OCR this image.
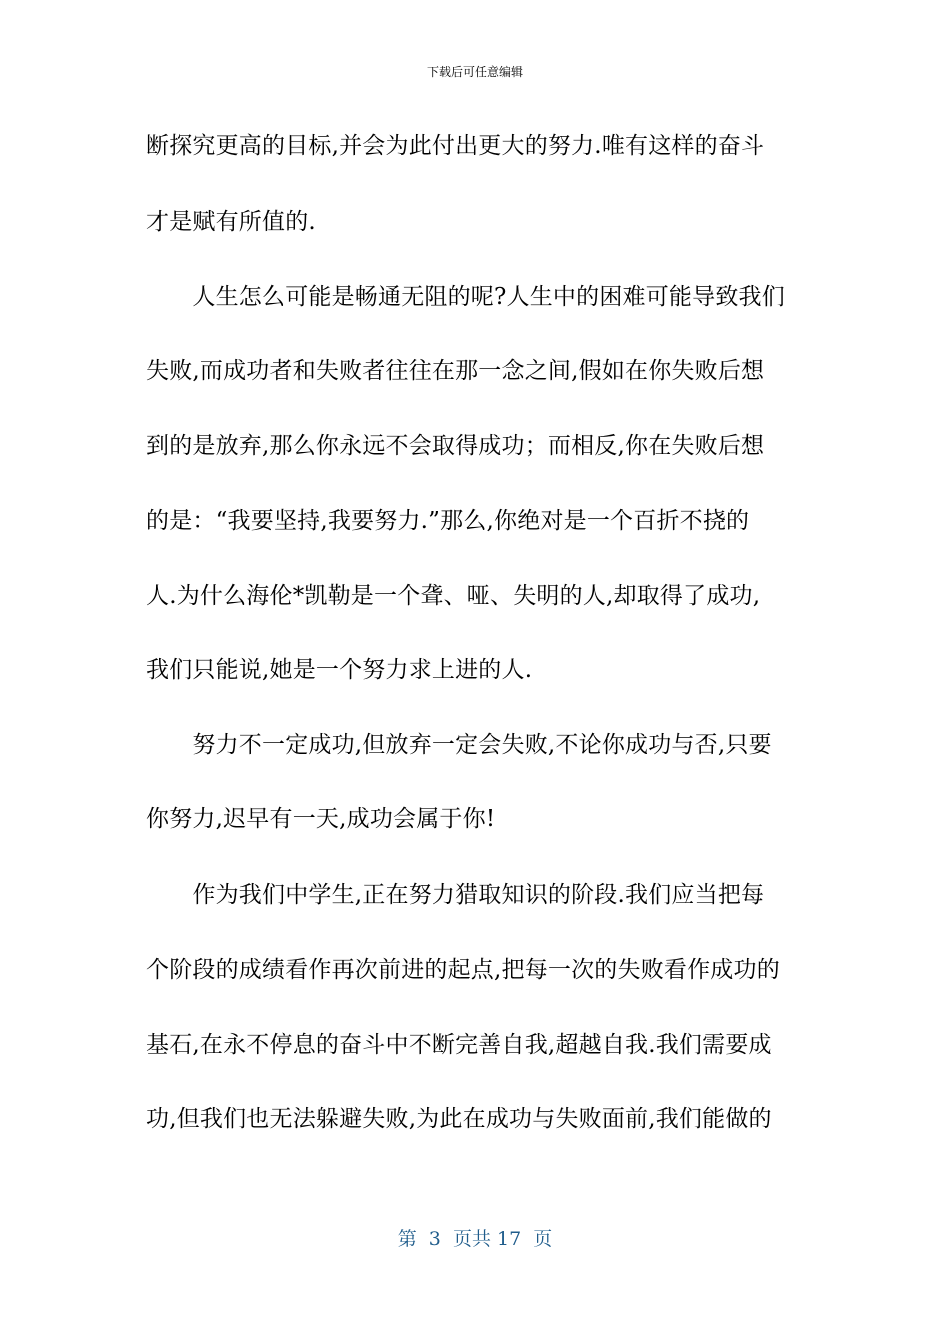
下载后可任意编辑
断探究更高的目标,并会为此付出更大的努力.唯有这样的奋斗
才是赋有所值的.
　　人生怎么可能是畅通无阻的呢?人生中的困难可能导致我们
失败,而成功者和失败者往往在那一念之间,假如在你失败后想
到的是放弃,那么你永远不会取得成功；而相反,你在失败后想
的是：“我要坚持,我要努力.”那么,你绝对是一个百折不挠的
人.为什么海伦*凯勒是一个聋、哑、失明的人,却取得了成功,
我们只能说,她是一个努力求上进的人.
　　努力不一定成功,但放弃一定会失败,不论你成功与否,只要
你努力,迟早有一天,成功会属于你!
　　作为我们中学生,正在努力猎取知识的阶段.我们应当把每
个阶段的成绩看作再次前进的起点,把每一次的失败看作成功的
基石,在永不停息的奋斗中不断完善自我,超越自我.我们需要成
功,但我们也无法躲避失败,为此在成功与失败面前,我们能做的
第  3  页共 17  页
